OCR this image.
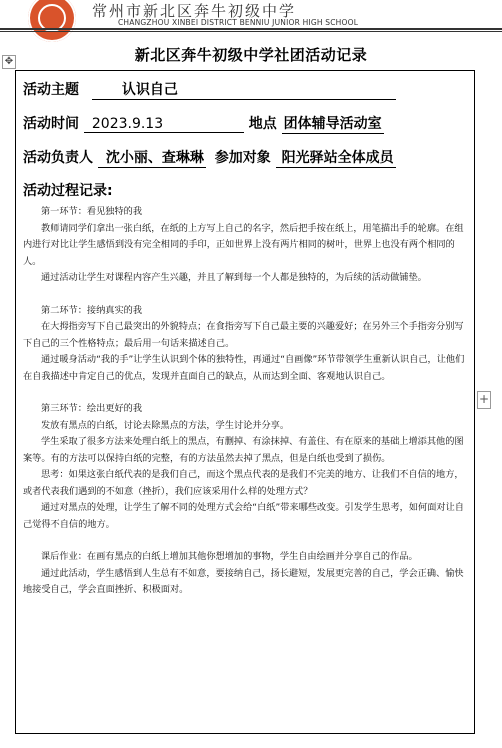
常州市新北区奔牛初级中学
CHANGZHOU XINBEI DISTRICT BENNIU JUNIOR HIGH SCHOOL
✥	新北区奔牛初级中学社团活动记录
活动主题	认识自己
活动时间 2023.9.13	地点 团体辅导活动室
活动负责人 沈小丽、查琳琳 参加对象 阳光驿站全体成员
活动过程记录:

第一环节：看见独特的我

教师请同学们拿出一张白纸，在纸的上方写上自己的名字，然后把手按在纸上，用笔描出手的轮廓。在组内进行对比让学生感悟到没有完全相同的手印，正如世界上没有两片相同的树叶，世界上也没有两个相同的人。

通过活动让学生对课程内容产生兴趣，并且了解到每一个人都是独特的，为后续的活动做铺垫。

第二环节：接纳真实的我

在大拇指旁写下自己最突出的外貌特点；在食指旁写下自己最主要的兴趣爱好；在另外三个手指旁分别写下自己的三个性格特点；最后用一句话来描述自己。

通过暖身活动“我的手”让学生认识到个体的独特性，再通过“自画像”环节带领学生重新认识自己，让他们在自我描述中肯定自己的优点，发现并直面自己的缺点，从而达到全面、客观地认识自己。

第三环节：绘出更好的我

发放有黑点的白纸，讨论去除黑点的方法，学生讨论并分享。

学生采取了很多方法来处理白纸上的黑点，有删掉、有涂抹掉、有盖住、有在原来的基础上增添其他的图案等。有的方法可以保持白纸的完整，有的方法虽然去掉了黑点，但是白纸也受到了损伤。

思考：如果这张白纸代表的是我们自己，而这个黑点代表的是我们不完美的地方、让我们不自信的地方，或者代表我们遇到的不如意（挫折），我们应该采用什么样的处理方式？

通过对黑点的处理，让学生了解不同的处理方式会给“白纸”带来哪些改变。引发学生思考，如何面对让自己觉得不自信的地方。

课后作业：在画有黑点的白纸上增加其他你想增加的事物，学生自由绘画并分享自己的作品。

通过此活动，学生感悟到人生总有不如意，要接纳自己，扬长避短，发展更完善的自己，学会正确、愉快地接受自己，学会直面挫折、积极面对。

+
